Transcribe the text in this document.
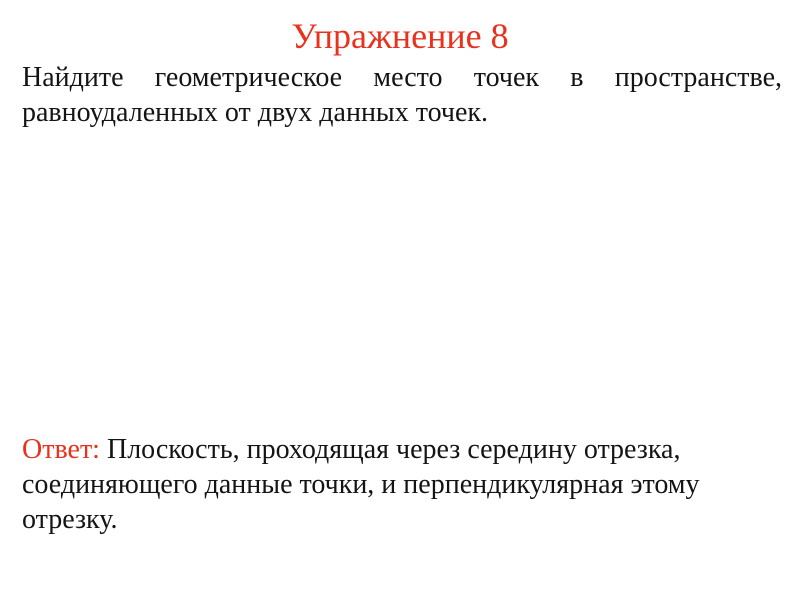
Упражнение 8
Найдите геометрическое место точек в пространстве, равноудаленных от двух данных точек.
Ответ: Плоскость, проходящая через середину отрезка, соединяющего данные точки, и перпендикулярная этому отрезку.
